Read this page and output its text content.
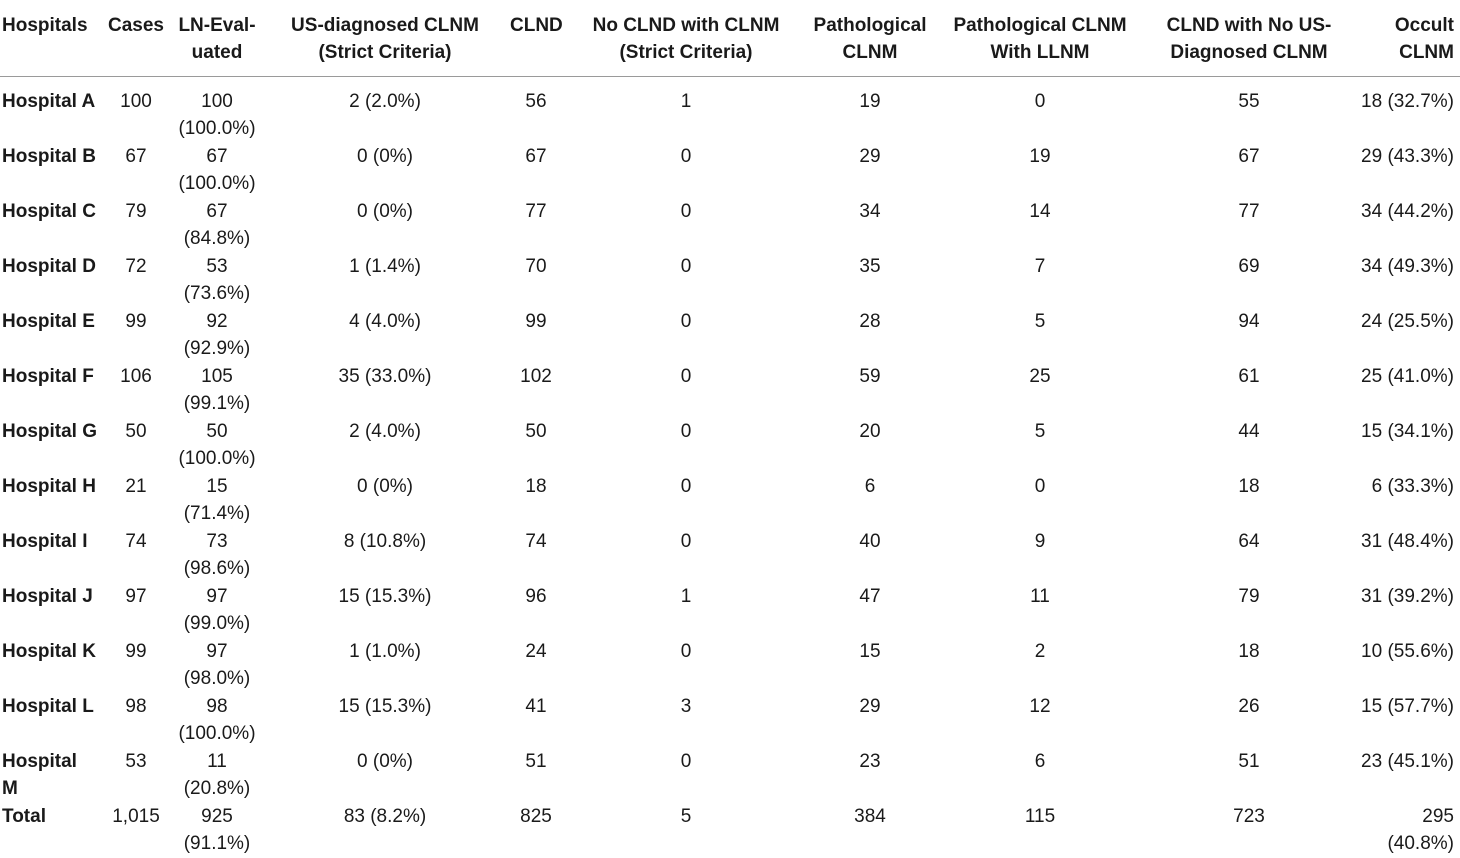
Hospitals	Cases	LN-Eval-uated	US-diagnosed CLNM (Strict Criteria)	CLND	No CLND with CLNM (Strict Criteria)	Pathological CLNM	Pathological CLNM With LLNM	CLND with No US-Diagnosed CLNM	Occult CLNM
Hospital A	100	100 (100.0%)	2 (2.0%)	56	1	19	0	55	18 (32.7%)
Hospital B	67	67 (100.0%)	0 (0%)	67	0	29	19	67	29 (43.3%)
Hospital C	79	67 (84.8%)	0 (0%)	77	0	34	14	77	34 (44.2%)
Hospital D	72	53 (73.6%)	1 (1.4%)	70	0	35	7	69	34 (49.3%)
Hospital E	99	92 (92.9%)	4 (4.0%)	99	0	28	5	94	24 (25.5%)
Hospital F	106	105 (99.1%)	35 (33.0%)	102	0	59	25	61	25 (41.0%)
Hospital G	50	50 (100.0%)	2 (4.0%)	50	0	20	5	44	15 (34.1%)
Hospital H	21	15 (71.4%)	0 (0%)	18	0	6	0	18	6 (33.3%)
Hospital I	74	73 (98.6%)	8 (10.8%)	74	0	40	9	64	31 (48.4%)
Hospital J	97	97 (99.0%)	15 (15.3%)	96	1	47	11	79	31 (39.2%)
Hospital K	99	97 (98.0%)	1 (1.0%)	24	0	15	2	18	10 (55.6%)
Hospital L	98	98 (100.0%)	15 (15.3%)	41	3	29	12	26	15 (57.7%)
Hospital M	53	11 (20.8%)	0 (0%)	51	0	23	6	51	23 (45.1%)
Total	1,015	925 (91.1%)	83 (8.2%)	825	5	384	115	723	295 (40.8%)
